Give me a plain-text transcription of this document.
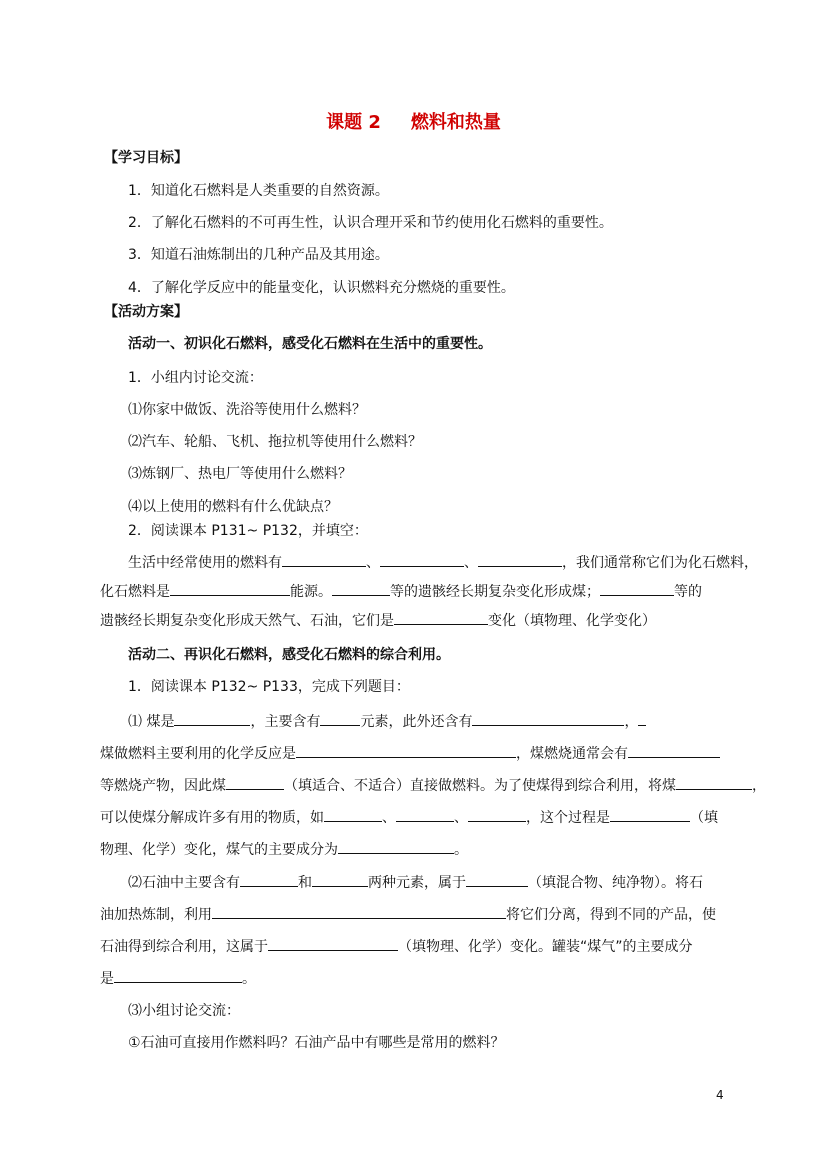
课题 2 燃料和热量
【学习目标】
1．知道化石燃料是人类重要的自然资源。
2．了解化石燃料的不可再生性，认识合理开采和节约使用化石燃料的重要性。
3．知道石油炼制出的几种产品及其用途。
4．了解化学反应中的能量变化，认识燃料充分燃烧的重要性。
【活动方案】
活动一、初识化石燃料，感受化石燃料在生活中的重要性。
1．小组内讨论交流：
⑴你家中做饭、洗浴等使用什么燃料？
⑵汽车、轮船、飞机、拖拉机等使用什么燃料？
⑶炼钢厂、热电厂等使用什么燃料？
⑷以上使用的燃料有什么优缺点？
2．阅读课本 P131~ P132，并填空：
生活中经常使用的燃料有	、	、	，我们通常称它们为化石燃料，
化石燃料是	能源。	等的遗骸经长期复杂变化形成煤；	等的
遗骸经长期复杂变化形成天然气、石油，它们是	变化（填物理、化学变化）
活动二、再识化石燃料，感受化石燃料的综合利用。
1．阅读课本 P132~ P133，完成下列题目：
⑴ 煤是	，主要含有	元素，此外还含有	，
煤做燃料主要利用的化学反应是	，煤燃烧通常会有
等燃烧产物，因此煤	（填适合、不适合）直接做燃料。为了使煤得到综合利用，将煤	，
可以使煤分解成许多有用的物质，如	、	、	，这个过程是	（填
物理、化学）变化，煤气的主要成分为	。
⑵石油中主要含有	和	两种元素，属于	（填混合物、纯净物）。将石
油加热炼制，利用	将它们分离，得到不同的产品，使
石油得到综合利用，这属于	（填物理、化学）变化。罐装“煤气”的主要成分
是	。
⑶小组讨论交流：
①石油可直接用作燃料吗？石油产品中有哪些是常用的燃料？
4
